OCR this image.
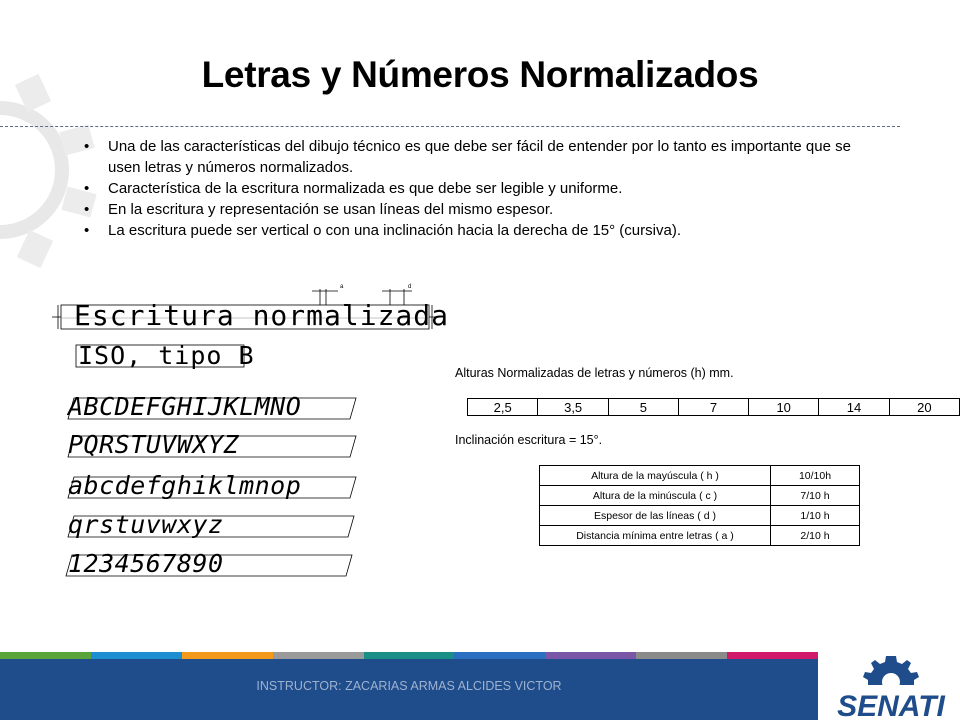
Letras y Números Normalizados
• Una de las características del dibujo técnico es que debe ser fácil de entender por lo tanto es importante que se usen letras y números normalizados.
• Característica de la escritura normalizada es que debe ser legible y uniforme.
• En la escritura y representación se usan líneas del mismo espesor.
• La escritura puede ser vertical o con una inclinación hacia la derecha de 15° (cursiva).
a	d
Escritura normalizada
ISO, tipo B
ABCDEFGHIJKLMNO
PQRSTUVWXYZ
abcdefghiklmnop
qrstuvwxyz
1234567890
Alturas Normalizadas de letras y números (h) mm.
2,5	3,5	5	7	10	14	20
Inclinación escritura = 15°.
Altura de la mayúscula ( h )	10/10h
Altura de la minúscula ( c )	7/10 h
Espesor de las líneas ( d )	1/10 h
Distancia mínima entre letras ( a )	2/10 h
INSTRUCTOR: ZACARIAS ARMAS ALCIDES VICTOR
SENATI
